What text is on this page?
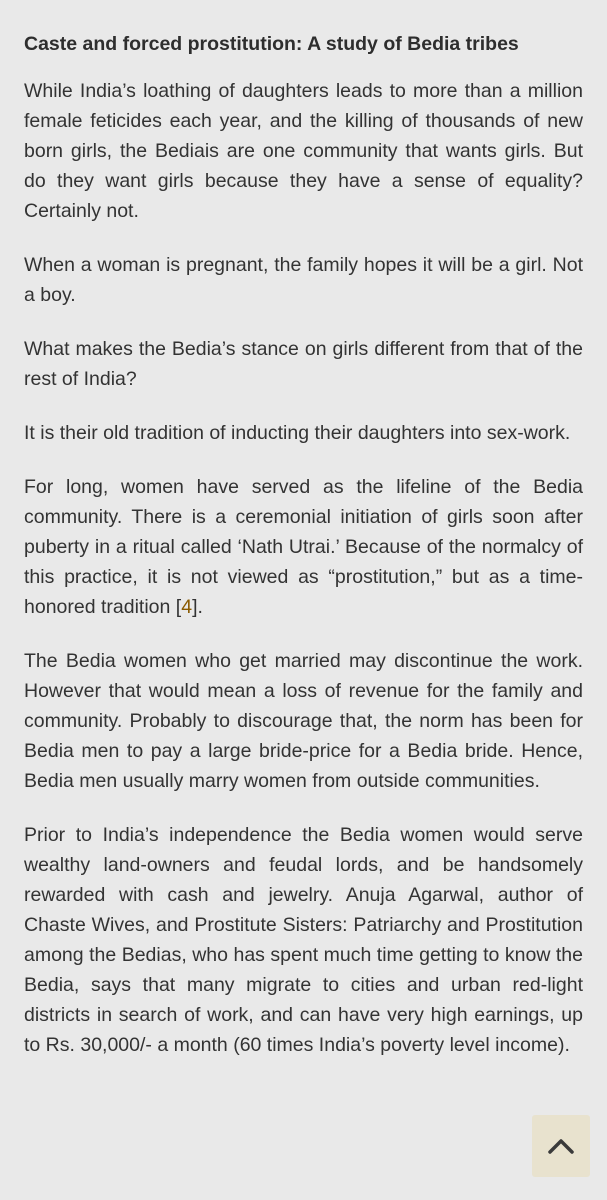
Caste and forced prostitution: A study of Bedia tribes

While India’s loathing of daughters leads to more than a million female feticides each year, and the killing of thousands of new born girls, the Bediais are one community that wants girls. But do they want girls because they have a sense of equality? Certainly not.

When a woman is pregnant, the family hopes it will be a girl. Not a boy.

What makes the Bedia’s stance on girls different from that of the rest of India?

It is their old tradition of inducting their daughters into sex-work.

For long, women have served as the lifeline of the Bedia community. There is a ceremonial initiation of girls soon after puberty in a ritual called ‘Nath Utrai.’ Because of the normalcy of this practice, it is not viewed as “prostitution,” but as a time-honored tradition [4].

The Bedia women who get married may discontinue the work. However that would mean a loss of revenue for the family and community. Probably to discourage that, the norm has been for Bedia men to pay a large bride-price for a Bedia bride. Hence, Bedia men usually marry women from outside communities.

Prior to India’s independence the Bedia women would serve wealthy land-owners and feudal lords, and be handsomely rewarded with cash and jewelry. Anuja Agarwal, author of Chaste Wives, and Prostitute Sisters: Patriarchy and Prostitution among the Bedias, who has spent much time getting to know the Bedia, says that many migrate to cities and urban red-light districts in search of work, and can have very high earnings, up to Rs. 30,000/- a month (60 times India’s poverty level income).
